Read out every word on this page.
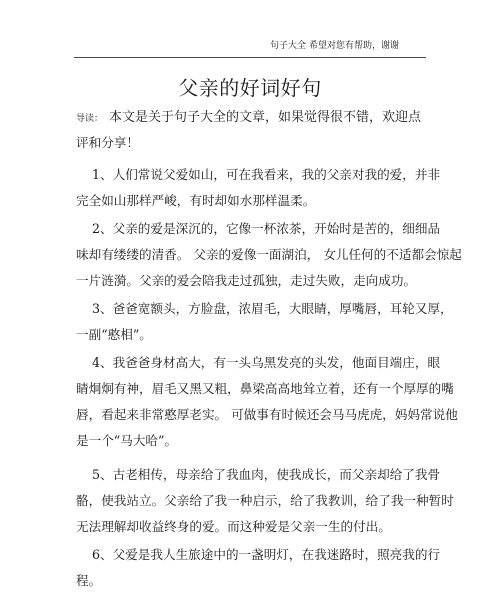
句子大全 希望对您有帮助，谢谢
父亲的好词好句
导读： 本文是关于句子大全的文章，如果觉得很不错，欢迎点
评和分享！
1、人们常说父爱如山，可在我看来，我的父亲对我的爱，并非
完全如山那样严峻，有时却如水那样温柔。
2、父亲的爱是深沉的，它像一杯浓茶，开始时是苦的，细细品
味却有缕缕的清香。 父亲的爱像一面湖泊， 女儿任何的不适都会惊起
一片涟漪。父亲的爱会陪我走过孤独，走过失败，走向成功。
3、爸爸宽额头，方脸盘，浓眉毛，大眼睛，厚嘴唇，耳轮又厚，
一副“憨相”。
4、我爸爸身材高大，有一头乌黑发亮的头发，他面目端庄，眼
睛炯炯有神，眉毛又黑又粗，鼻梁高高地耸立着，还有一个厚厚的嘴
唇，看起来非常憨厚老实。 可做事有时候还会马马虎虎，妈妈常说他
是一个“马大哈”。
5、古老相传，母亲给了我血肉，使我成长，而父亲却给了我骨
骼，使我站立。父亲给了我一种启示，给了我教训，给了我一种暂时
无法理解却收益终身的爱。而这种爱是父亲一生的付出。
6、父爱是我人生旅途中的一盏明灯，在我迷路时，照亮我的行
程。
